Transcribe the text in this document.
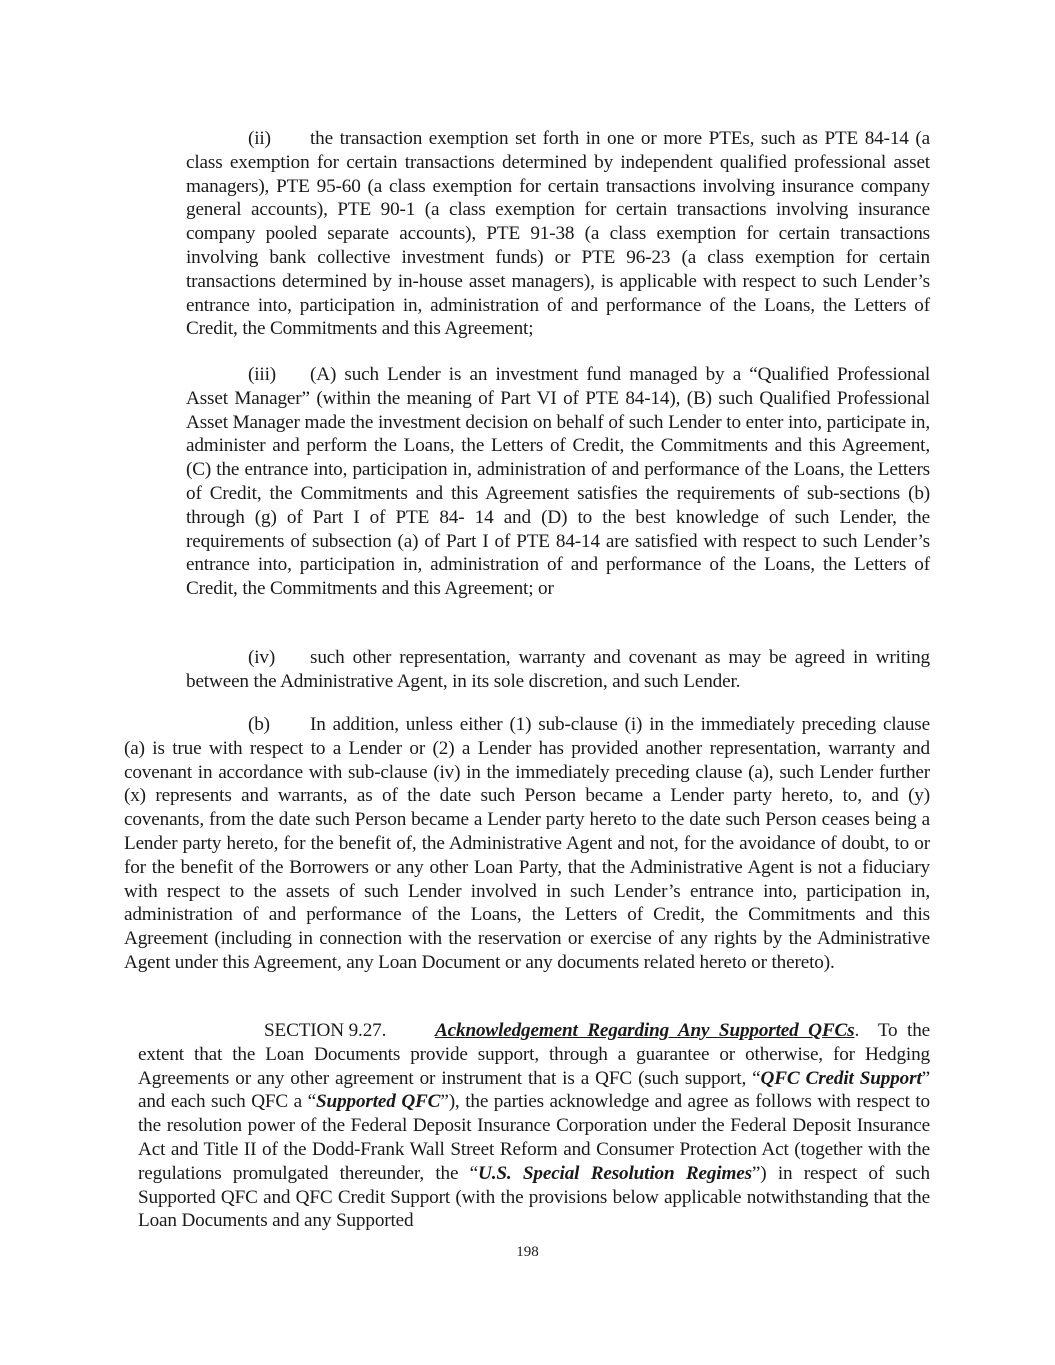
(ii) the transaction exemption set forth in one or more PTEs, such as PTE 84-14 (a class exemption for certain transactions determined by independent qualified professional asset managers), PTE 95-60 (a class exemption for certain transactions involving insurance company general accounts), PTE 90-1 (a class exemption for certain transactions involving insurance company pooled separate accounts), PTE 91-38 (a class exemption for certain transactions involving bank collective investment funds) or PTE 96-23 (a class exemption for certain transactions determined by in-house asset managers), is applicable with respect to such Lender’s entrance into, participation in, administration of and performance of the Loans, the Letters of Credit, the Commitments and this Agreement;

(iii) (A) such Lender is an investment fund managed by a “Qualified Professional Asset Manager” (within the meaning of Part VI of PTE 84-14), (B) such Qualified Professional Asset Manager made the investment decision on behalf of such Lender to enter into, participate in, administer and perform the Loans, the Letters of Credit, the Commitments and this Agreement, (C) the entrance into, participation in, administration of and performance of the Loans, the Letters of Credit, the Commitments and this Agreement satisfies the requirements of sub-sections (b) through (g) of Part I of PTE 84- 14 and (D) to the best knowledge of such Lender, the requirements of subsection (a) of Part I of PTE 84-14 are satisfied with respect to such Lender’s entrance into, participation in, administration of and performance of the Loans, the Letters of Credit, the Commitments and this Agreement; or

(iv) such other representation, warranty and covenant as may be agreed in writing between the Administrative Agent, in its sole discretion, and such Lender.

(b) In addition, unless either (1) sub-clause (i) in the immediately preceding clause (a) is true with respect to a Lender or (2) a Lender has provided another representation, warranty and covenant in accordance with sub-clause (iv) in the immediately preceding clause (a), such Lender further (x) represents and warrants, as of the date such Person became a Lender party hereto, to, and (y) covenants, from the date such Person became a Lender party hereto to the date such Person ceases being a Lender party hereto, for the benefit of, the Administrative Agent and not, for the avoidance of doubt, to or for the benefit of the Borrowers or any other Loan Party, that the Administrative Agent is not a fiduciary with respect to the assets of such Lender involved in such Lender’s entrance into, participation in, administration of and performance of the Loans, the Letters of Credit, the Commitments and this Agreement (including in connection with the reservation or exercise of any rights by the Administrative Agent under this Agreement, any Loan Document or any documents related hereto or thereto).

SECTION 9.27.	Acknowledgement Regarding Any Supported QFCs. To the extent that the Loan Documents provide support, through a guarantee or otherwise, for Hedging Agreements or any other agreement or instrument that is a QFC (such support, “QFC Credit Support” and each such QFC a “Supported QFC”), the parties acknowledge and agree as follows with respect to the resolution power of the Federal Deposit Insurance Corporation under the Federal Deposit Insurance Act and Title II of the Dodd-Frank Wall Street Reform and Consumer Protection Act (together with the regulations promulgated thereunder, the “U.S. Special Resolution Regimes”) in respect of such Supported QFC and QFC Credit Support (with the provisions below applicable notwithstanding that the Loan Documents and any Supported

198
